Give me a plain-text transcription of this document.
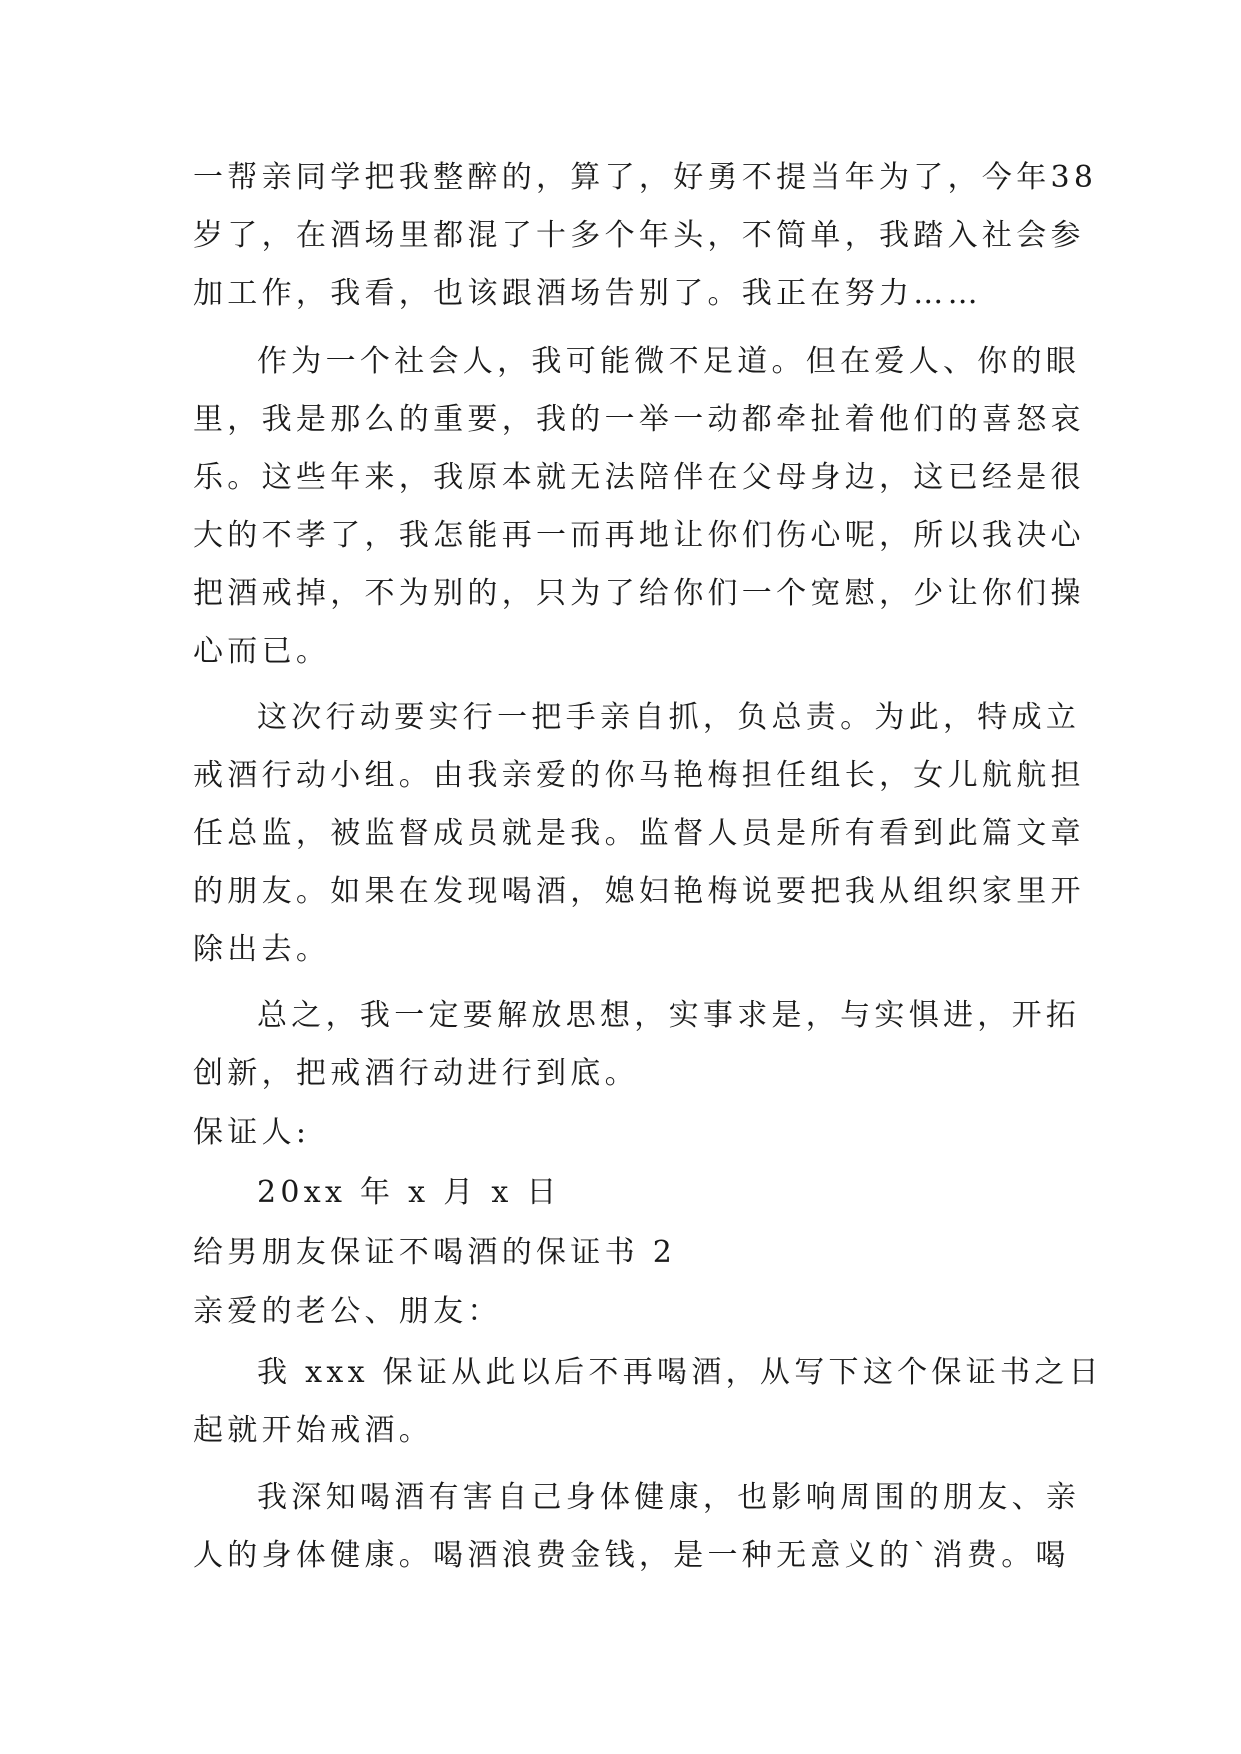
一帮亲同学把我整醉的，算了，好勇不提当年为了，今年38
岁了，在酒场里都混了十多个年头，不简单，我踏入社会参
加工作，我看，也该跟酒场告别了。我正在努力……
作为一个社会人，我可能微不足道。但在爱人、你的眼
里，我是那么的重要，我的一举一动都牵扯着他们的喜怒哀
乐。这些年来，我原本就无法陪伴在父母身边，这已经是很
大的不孝了，我怎能再一而再地让你们伤心呢，所以我决心
把酒戒掉，不为别的，只为了给你们一个宽慰，少让你们操
心而已。
这次行动要实行一把手亲自抓，负总责。为此，特成立
戒酒行动小组。由我亲爱的你马艳梅担任组长，女儿航航担
任总监，被监督成员就是我。监督人员是所有看到此篇文章
的朋友。如果在发现喝酒，媳妇艳梅说要把我从组织家里开
除出去。
总之，我一定要解放思想，实事求是，与实惧进，开拓
创新，把戒酒行动进行到底。
保证人:
20xx 年 x 月 x 日
给男朋友保证不喝酒的保证书 2
亲爱的老公、朋友：
我 xxx 保证从此以后不再喝酒，从写下这个保证书之日
起就开始戒酒。
我深知喝酒有害自己身体健康，也影响周围的朋友、亲
人的身体健康。喝酒浪费金钱，是一种无意义的`消费。喝
